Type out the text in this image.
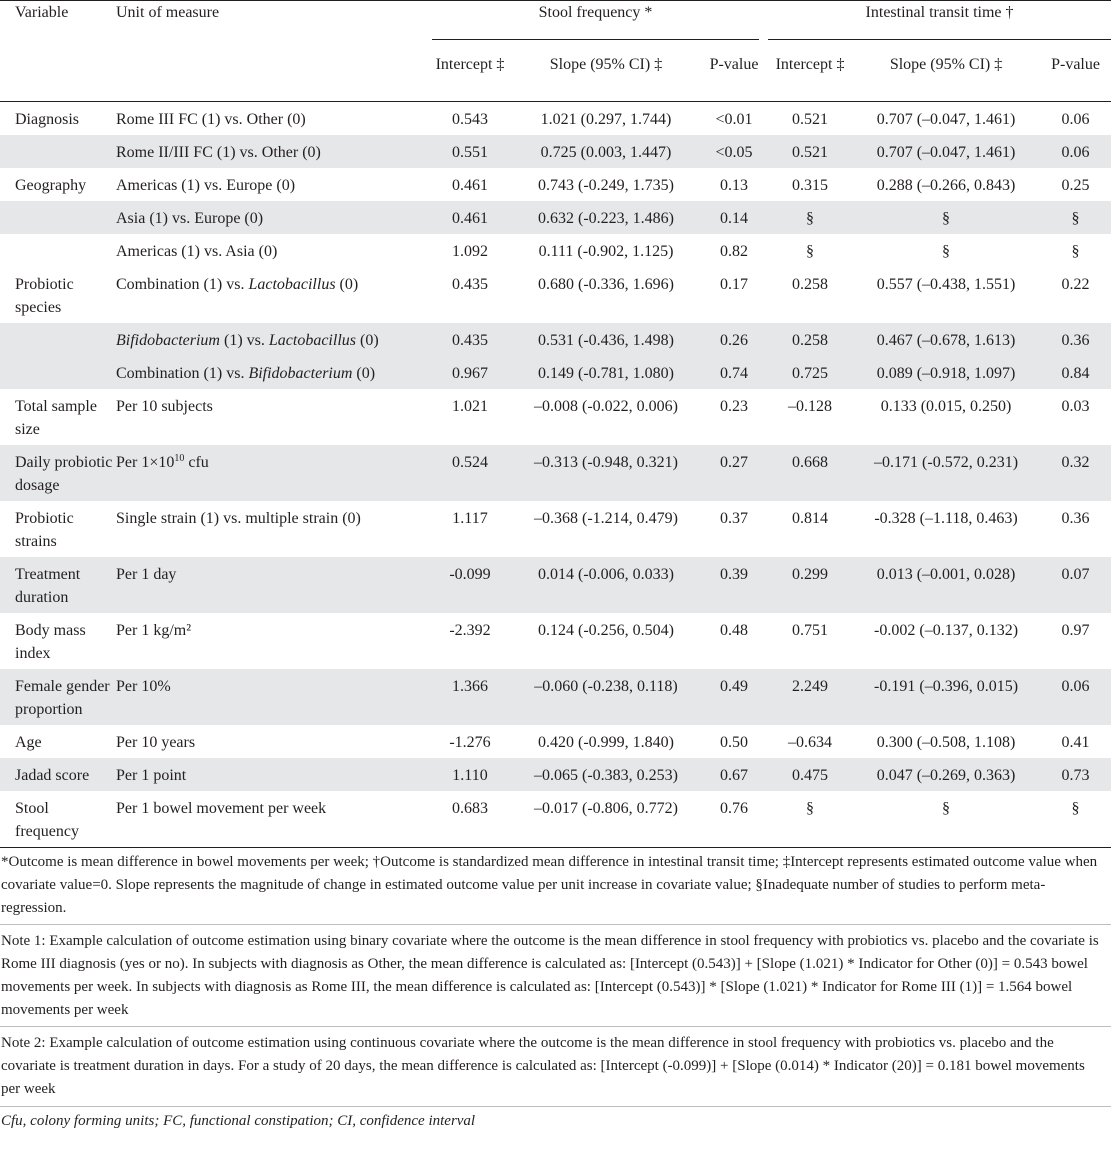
Variable	Unit of measure	Stool frequency *			Intestinal transit time †		
		Intercept ‡	Slope (95% CI) ‡	P-value	Intercept ‡	Slope (95% CI) ‡	P-value
Diagnosis	Rome III FC (1) vs. Other (0)	0.543	1.021 (0.297, 1.744)	<0.01	0.521	0.707 (–0.047, 1.461)	0.06
	Rome II/III FC (1) vs. Other (0)	0.551	0.725 (0.003, 1.447)	<0.05	0.521	0.707 (–0.047, 1.461)	0.06
Geography	Americas (1) vs. Europe (0)	0.461	0.743 (-0.249, 1.735)	0.13	0.315	0.288 (–0.266, 0.843)	0.25
	Asia (1) vs. Europe (0)	0.461	0.632 (-0.223, 1.486)	0.14	§	§	§
	Americas (1) vs. Asia (0)	1.092	0.111 (-0.902, 1.125)	0.82	§	§	§
Probiotic species	Combination (1) vs. Lactobacillus (0)	0.435	0.680 (-0.336, 1.696)	0.17	0.258	0.557 (–0.438, 1.551)	0.22
	Bifidobacterium (1) vs. Lactobacillus (0)	0.435	0.531 (-0.436, 1.498)	0.26	0.258	0.467 (–0.678, 1.613)	0.36
	Combination (1) vs. Bifidobacterium (0)	0.967	0.149 (-0.781, 1.080)	0.74	0.725	0.089 (–0.918, 1.097)	0.84
Total sample size	Per 10 subjects	1.021	–0.008 (-0.022, 0.006)	0.23	–0.128	0.133 (0.015, 0.250)	0.03
Daily probiotic dosage	Per $1\times 10^{10}$ cfu	0.524	–0.313 (-0.948, 0.321)	0.27	0.668	–0.171 (-0.572, 0.231)	0.32
Probiotic strains	Single strain (1) vs. multiple strain (0)	1.117	–0.368 (-1.214, 0.479)	0.37	0.814	-0.328 (–1.118, 0.463)	0.36
Treatment duration	Per 1 day	-0.099	0.014 (-0.006, 0.033)	0.39	0.299	0.013 (–0.001, 0.028)	0.07
Body mass index	Per 1 kg/m²	-2.392	0.124 (-0.256, 0.504)	0.48	0.751	-0.002 (–0.137, 0.132)	0.97
Female gender proportion	Per 10%	1.366	–0.060 (-0.238, 0.118)	0.49	2.249	-0.191 (–0.396, 0.015)	0.06
Age	Per 10 years	-1.276	0.420 (-0.999, 1.840)	0.50	–0.634	0.300 (–0.508, 1.108)	0.41
Jadad score	Per 1 point	1.110	–0.065 (-0.383, 0.253)	0.67	0.475	0.047 (–0.269, 0.363)	0.73
Stool frequency	Per 1 bowel movement per week	0.683	–0.017 (-0.806, 0.772)	0.76	§	§	§

*Outcome is mean difference in bowel movements per week; †Outcome is standardized mean difference in intestinal transit time; ‡Intercept represents estimated outcome value when covariate value=0. Slope represents the magnitude of change in estimated outcome value per unit increase in covariate value; §Inadequate number of studies to perform meta-regression.

Note 1: Example calculation of outcome estimation using binary covariate where the outcome is the mean difference in stool frequency with probiotics vs. placebo and the covariate is Rome III diagnosis (yes or no). In subjects with diagnosis as Other, the mean difference is calculated as: [Intercept (0.543)] + [Slope (1.021) * Indicator for Other (0)] = 0.543 bowel movements per week. In subjects with diagnosis as Rome III, the mean difference is calculated as: [Intercept (0.543)] * [Slope (1.021) * Indicator for Rome III (1)] = 1.564 bowel movements per week

Note 2: Example calculation of outcome estimation using continuous covariate where the outcome is the mean difference in stool frequency with probiotics vs. placebo and the covariate is treatment duration in days. For a study of 20 days, the mean difference is calculated as: [Intercept (-0.099)] + [Slope (0.014) * Indicator (20)] = 0.181 bowel movements per week

Cfu, colony forming units; FC, functional constipation; CI, confidence interval
